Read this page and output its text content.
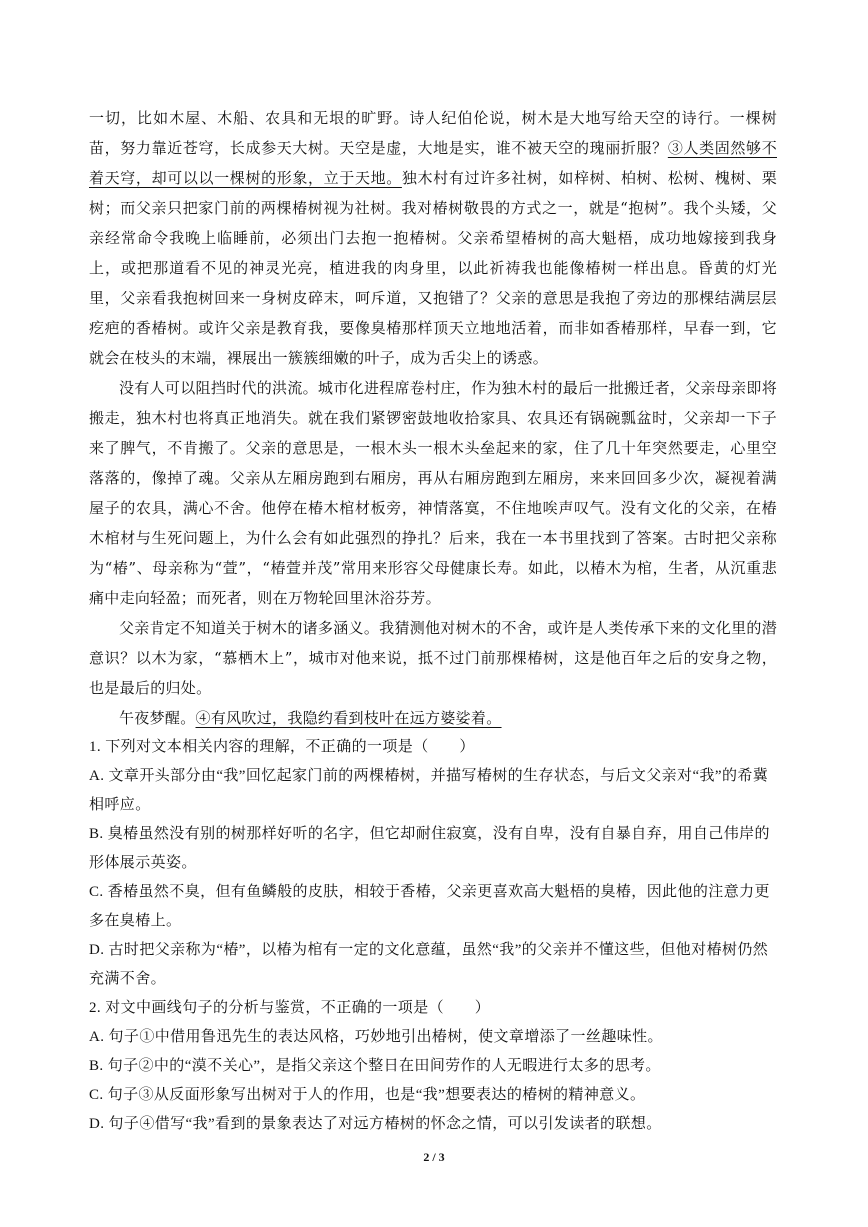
一切，比如木屋、木船、农具和无垠的旷野。诗人纪伯伦说，树木是大地写给天空的诗行。一棵树苗，努力靠近苍穹，长成参天大树。天空是虚，大地是实，谁不被天空的瑰丽折服？③人类固然够不着天穹，却可以以一棵树的形象，立于天地。独木村有过许多社树，如梓树、柏树、松树、槐树、栗树；而父亲只把家门前的两棵椿树视为社树。我对椿树敬畏的方式之一，就是“抱树”。我个头矮，父亲经常命令我晚上临睡前，必须出门去抱一抱椿树。父亲希望椿树的高大魁梧，成功地嫁接到我身上，或把那道看不见的神灵光亮，植进我的肉身里，以此祈祷我也能像椿树一样出息。昏黄的灯光里，父亲看我抱树回来一身树皮碎末，呵斥道，又抱错了？父亲的意思是我抱了旁边的那棵结满层层疙疤的香椿树。或许父亲是教育我，要像臭椿那样顶天立地地活着，而非如香椿那样，早春一到，它就会在枝头的末端，裸展出一簇簇细嫩的叶子，成为舌尖上的诱惑。

没有人可以阻挡时代的洪流。城市化进程席卷村庄，作为独木村的最后一批搬迁者，父亲母亲即将搬走，独木村也将真正地消失。就在我们紧锣密鼓地收拾家具、农具还有锅碗瓢盆时，父亲却一下子来了脾气，不肯搬了。父亲的意思是，一根木头一根木头垒起来的家，住了几十年突然要走，心里空落落的，像掉了魂。父亲从左厢房跑到右厢房，再从右厢房跑到左厢房，来来回回多少次，凝视着满屋子的农具，满心不舍。他停在椿木棺材板旁，神情落寞，不住地唉声叹气。没有文化的父亲，在椿木棺材与生死问题上，为什么会有如此强烈的挣扎？后来，我在一本书里找到了答案。古时把父亲称为“椿”、母亲称为“萱”，“椿萱并茂”常用来形容父母健康长寿。如此，以椿木为棺，生者，从沉重悲痛中走向轻盈；而死者，则在万物轮回里沐浴芬芳。

父亲肯定不知道关于树木的诸多涵义。我猜测他对树木的不舍，或许是人类传承下来的文化里的潜意识？以木为家，“慕栖木上”，城市对他来说，抵不过门前那棵椿树，这是他百年之后的安身之物，也是最后的归处。

午夜梦醒。④有风吹过，我隐约看到枝叶在远方婆娑着。

1. 下列对文本相关内容的理解，不正确的一项是（　　）

A. 文章开头部分由“我”回忆起家门前的两棵椿树，并描写椿树的生存状态，与后文父亲对“我”的希冀相呼应。

B. 臭椿虽然没有别的树那样好听的名字，但它却耐住寂寞，没有自卑，没有自暴自弃，用自己伟岸的形体展示英姿。

C. 香椿虽然不臭，但有鱼鳞般的皮肤，相较于香椿，父亲更喜欢高大魁梧的臭椿，因此他的注意力更多在臭椿上。

D. 古时把父亲称为“椿”，以椿为棺有一定的文化意蕴，虽然“我”的父亲并不懂这些，但他对椿树仍然充满不舍。

2. 对文中画线句子的分析与鉴赏，不正确的一项是（　　）

A. 句子①中借用鲁迅先生的表达风格，巧妙地引出椿树，使文章增添了一丝趣味性。

B. 句子②中的“漠不关心”，是指父亲这个整日在田间劳作的人无暇进行太多的思考。

C. 句子③从反面形象写出树对于人的作用，也是“我”想要表达的椿树的精神意义。

D. 句子④借写“我”看到的景象表达了对远方椿树的怀念之情，可以引发读者的联想。

2 / 3
